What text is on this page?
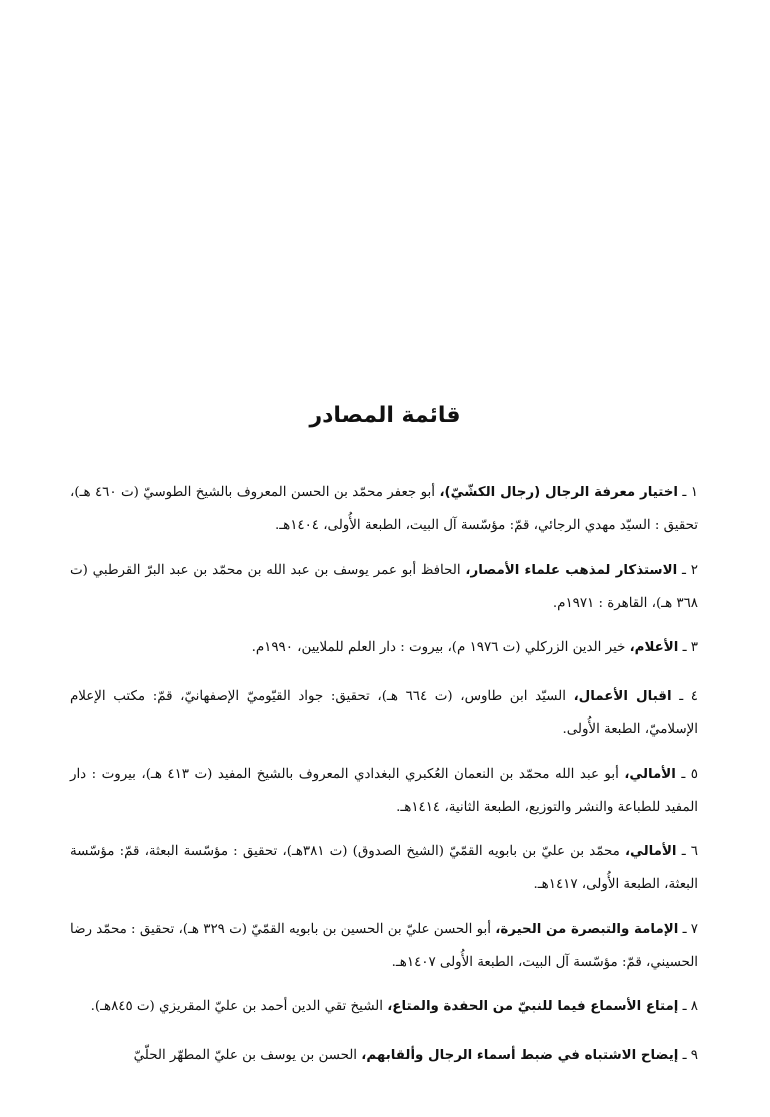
قائمة المصادر
١ ـ اختيار معرفة الرجال (رجال الكشّيّ)، أبو جعفر محمّد بن الحسن المعروف بالشيخ الطوسيّ (ت ٤٦٠ هـ)، تحقيق : السيّد مهدي الرجائي، قمّ: مؤسّسة آل البيت، الطبعة الأُولى، ١٤٠٤هـ.
٢ ـ الاستذكار لمذهب علماء الأمصار، الحافظ أبو عمر يوسف بن عبد الله بن محمّد بن عبد البرّ القرطبي (ت ٣٦٨ هـ)، القاهرة : ١٩٧١م.
٣ ـ الأعلام، خير الدين الزركلي (ت ١٩٧٦ م)، بيروت : دار العلم للملايين، ١٩٩٠م.
٤ ـ اقبال الأعمال، السيّد ابن طاوس، (ت ٦٦٤ هـ)، تحقيق: جواد القيّوميّ الإصفهانيّ، قمّ: مكتب الإعلام الإسلاميّ، الطبعة الأُولى.
٥ ـ الأمالي، أبو عبد الله محمّد بن النعمان العُكبري البغدادي المعروف بالشيخ المفيد (ت ٤١٣ هـ)، بيروت : دار المفيد للطباعة والنشر والتوزيع، الطبعة الثانية، ١٤١٤هـ.
٦ ـ الأمالي، محمّد بن عليّ بن بابويه القمّيّ (الشيخ الصدوق) (ت ٣٨١هـ)، تحقيق : مؤسّسة البعثة، قمّ: مؤسّسة البعثة، الطبعة الأُولى، ١٤١٧هـ.
٧ ـ الإمامة والتبصرة من الحيرة، أبو الحسن عليّ بن الحسين بن بابويه القمّيّ (ت ٣٢٩ هـ)، تحقيق : محمّد رضا الحسيني، قمّ: مؤسّسة آل البيت، الطبعة الأُولى ١٤٠٧هـ.
٨ ـ إمتاع الأسماع فيما للنبيّ من الحفدة والمتاع، الشيخ تقي الدين أحمد بن عليّ المقريزي (ت ٨٤٥هـ).
٩ ـ إيضاح الاشتباه في ضبط أسماء الرجال وألقابهم، الحسن بن يوسف بن عليّ المطهّر الحلّيّ
